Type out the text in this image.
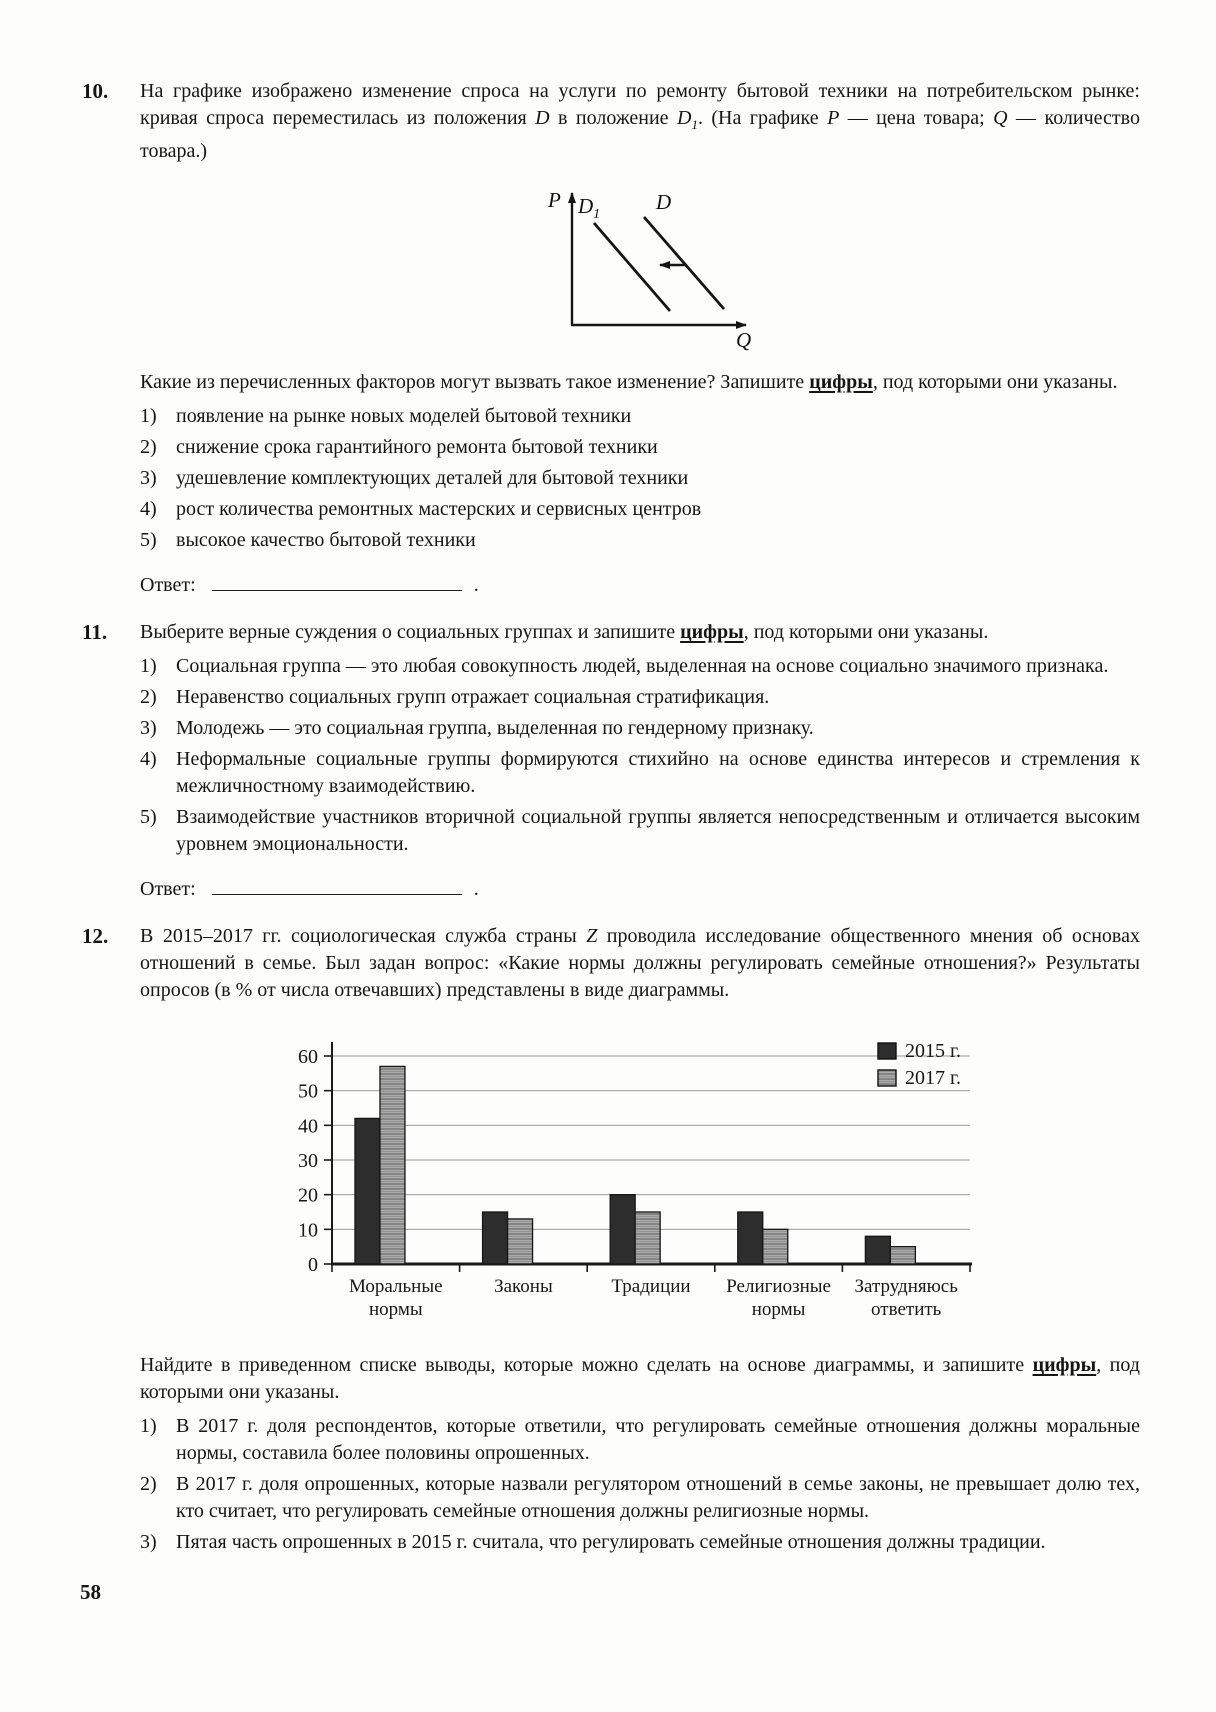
10.	На графике изображено изменение спроса на услуги по ремонту бытовой техники на потребительском рынке: кривая спроса переместилась из положения D в положение $D_1$. (На графике P — цена товара; Q — количество товара.)

P
Q
$D_1$
D

Какие из перечисленных факторов могут вызвать такое изменение? Запишите цифры, под которыми они указаны.

1) появление на рынке новых моделей бытовой техники
2) снижение срока гарантийного ремонта бытовой техники
3) удешевление комплектующих деталей для бытовой техники
4) рост количества ремонтных мастерских и сервисных центров
5) высокое качество бытовой техники
Ответ:	.
11.	Выберите верные суждения о социальных группах и запишите цифры, под которыми они указаны.

1) Социальная группа — это любая совокупность людей, выделенная на основе социально значимого признака.
2) Неравенство социальных групп отражает социальная стратификация.
3) Молодежь — это социальная группа, выделенная по гендерному признаку.
4) Неформальные социальные группы формируются стихийно на основе единства интересов и стремления к межличностному взаимодействию.
5) Взаимодействие участников вторичной социальной группы является непосредственным и отличается высоким уровнем эмоциональности.
Ответ:	.
12.	В 2015–2017 гг. социологическая служба страны Z проводила исследование общественного мнения об основах отношений в семье. Был задан вопрос: «Какие нормы должны регулировать семейные отношения?» Результаты опросов (в % от числа отвечавших) представлены в виде диаграммы.

0
10
20
30
40
50
60
Моральные
нормы
Законы	Традиции Религиозные
нормы
Затрудняюсь
ответить
2015 г.
2017 г.

Найдите в приведенном списке выводы, которые можно сделать на основе диаграммы, и запишите цифры, под которыми они указаны.

1) В 2017 г. доля респондентов, которые ответили, что регулировать семейные отношения должны моральные нормы, составила более половины опрошенных.
2) В 2017 г. доля опрошенных, которые назвали регулятором отношений в семье законы, не превышает долю тех, кто считает, что регулировать семейные отношения должны религиозные нормы.
3) Пятая часть опрошенных в 2015 г. считала, что регулировать семейные отношения должны традиции.
58
